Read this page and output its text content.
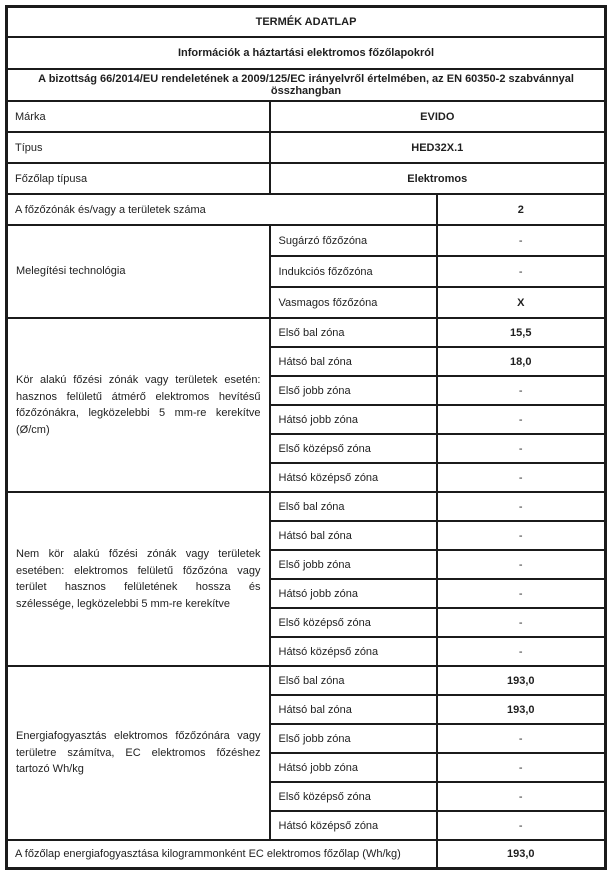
TERMÉK ADATLAP		
Információk a háztartási elektromos főzőlapokról		
A bizottság 66/2014/EU rendeletének a 2009/125/EC irányelvről értelmében, az EN 60350-2 szabvánnyal összhangban		
Márka	EVIDO	
Típus	HED32X.1	
Főzőlap típusa	Elektromos	
A főzőzónák és/vagy a területek száma		2
Melegítési technológia	Sugárzó főzőzóna	-
	Indukciós főzőzóna	-
	Vasmagos főzőzóna	X
Kör alakú főzési zónák vagy területek esetén: hasznos felületű átmérő elektromos hevítésű főzőzónákra, legközelebbi 5 mm-re kerekítve (Ø/cm)	Első bal zóna	15,5
	Hátsó bal zóna	18,0
	Első jobb zóna	-
	Hátsó jobb zóna	-
	Első középső zóna	-
	Hátsó középső zóna	-
Nem kör alakú főzési zónák vagy területek esetében: elektromos felületű főzőzóna vagy terület hasznos felületének hossza és szélessége, legközelebbi 5 mm-re kerekítve	Első bal zóna	-
	Hátsó bal zóna	-
	Első jobb zóna	-
	Hátsó jobb zóna	-
	Első középső zóna	-
	Hátsó középső zóna	-
Energiafogyasztás elektromos főzőzónára vagy területre számítva, EC elektromos főzéshez tartozó Wh/kg	Első bal zóna	193,0
	Hátsó bal zóna	193,0
	Első jobb zóna	-
	Hátsó jobb zóna	-
	Első középső zóna	-
	Hátsó középső zóna	-
A főzőlap energiafogyasztása kilogrammonként EC elektromos főzőlap (Wh/kg)		193,0
